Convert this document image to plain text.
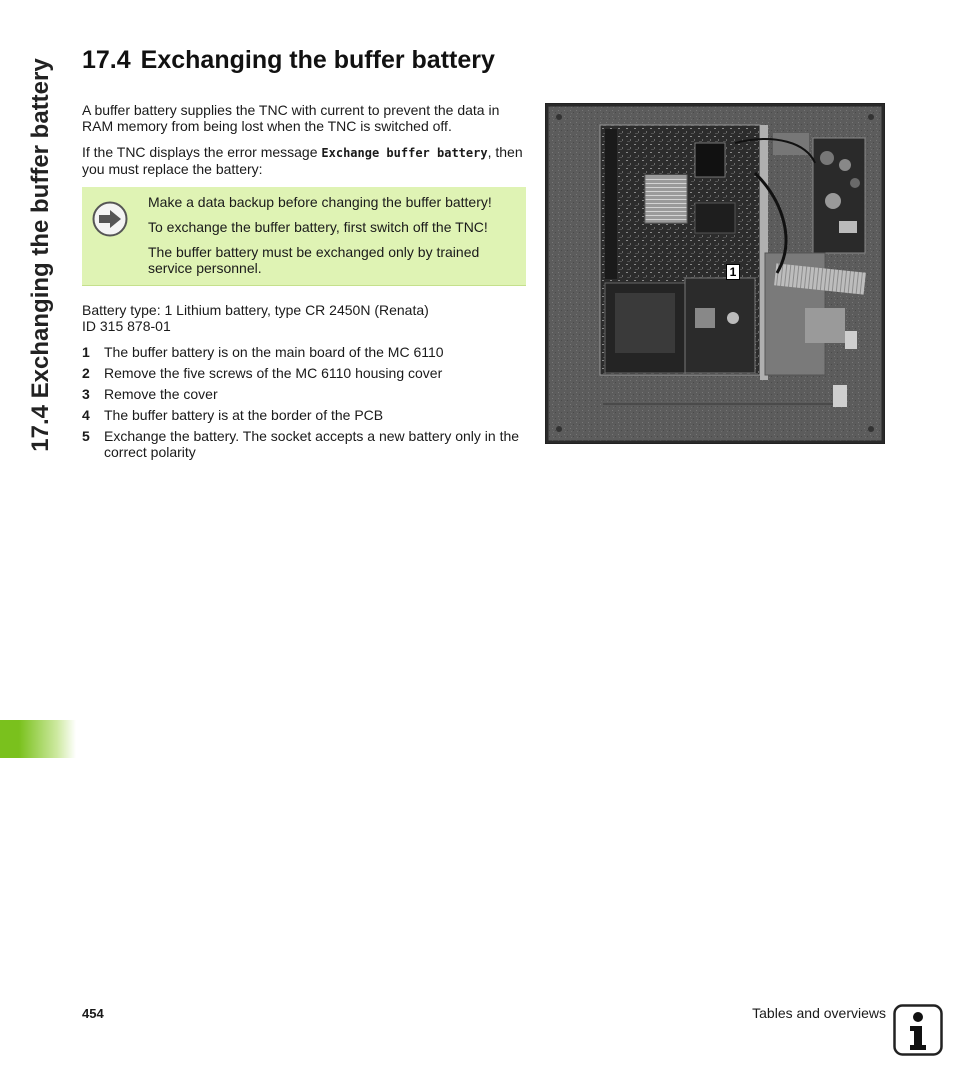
17.4 Exchanging the buffer battery 17.4 Exchanging the buffer battery

A buffer battery supplies the TNC with current to prevent the data in RAM memory from being lost when the TNC is switched off.

If the TNC displays the error message Exchange buffer battery, then you must replace the battery:

Make a data backup before changing the buffer battery!

To exchange the buffer battery, first switch off the TNC!

The buffer battery must be exchanged only by trained service personnel.

Battery type: 1 Lithium battery, type CR 2450N (Renata)
ID 315 878-01

1	The buffer battery is on the main board of the MC 6110
2	Remove the five screws of the MC 6110 housing cover
3	Remove the cover
4	The buffer battery is at the border of the PCB
5	Exchange the battery. The socket accepts a new battery only in the correct polarity
1
454	Tables and overviews
